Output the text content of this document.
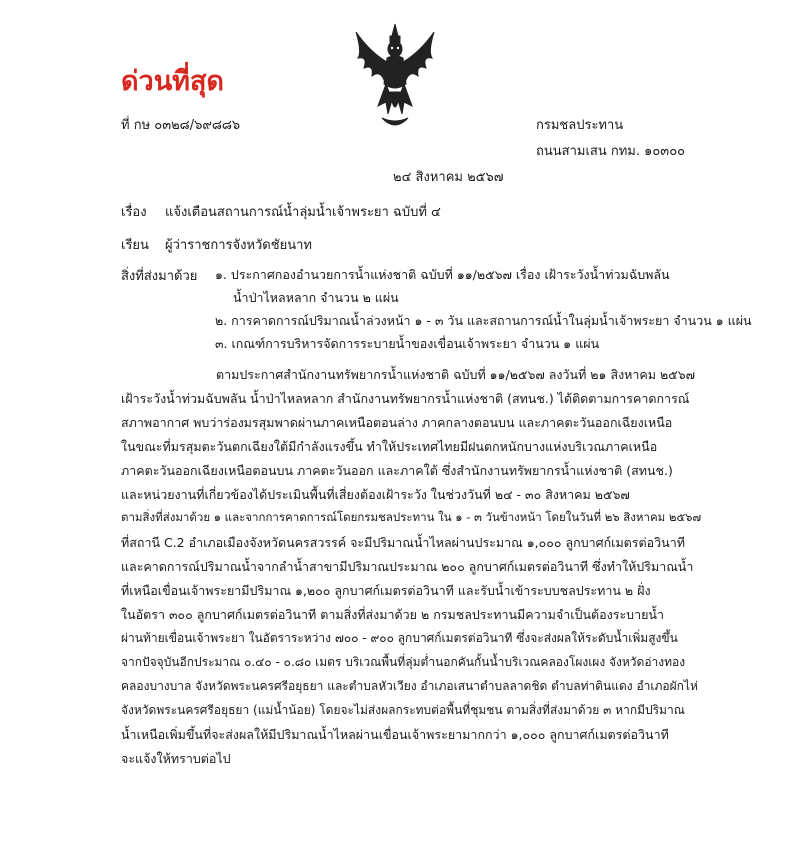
ด่วนที่สุด
ที่ กษ ๐๓๒๘/๖๙๘๘๖	กรมชลประทาน
ถนนสามเสน กทม. ๑๐๓๐๐
๒๔ สิงหาคม ๒๕๖๗
เรื่อง แจ้งเตือนสถานการณ์น้ำลุ่มน้ำเจ้าพระยา ฉบับที่ ๔
เรียน ผู้ว่าราชการจังหวัดชัยนาท
สิ่งที่ส่งมาด้วย ๑. ประกาศกองอำนวยการน้ำแห่งชาติ ฉบับที่ ๑๑/๒๕๖๗ เรื่อง เฝ้าระวังน้ำท่วมฉับพลัน
น้ำป่าไหลหลาก จำนวน ๒ แผ่น
๒. การคาดการณ์ปริมาณน้ำล่วงหน้า ๑ - ๓ วัน และสถานการณ์น้ำในลุ่มน้ำเจ้าพระยา จำนวน ๑ แผ่น
๓. เกณฑ์การบริหารจัดการระบายน้ำของเขื่อนเจ้าพระยา จำนวน ๑ แผ่น
ตามประกาศสำนักงานทรัพยากรน้ำแห่งชาติ ฉบับที่ ๑๑/๒๕๖๗ ลงวันที่ ๒๑ สิงหาคม ๒๕๖๗
เฝ้าระวังน้ำท่วมฉับพลัน น้ำป่าไหลหลาก สำนักงานทรัพยากรน้ำแห่งชาติ (สทนช.) ได้ติดตามการคาดการณ์
สภาพอากาศ พบว่าร่องมรสุมพาดผ่านภาคเหนือตอนล่าง ภาคกลางตอนบน และภาคตะวันออกเฉียงเหนือ
ในขณะที่มรสุมตะวันตกเฉียงใต้มีกำลังแรงขึ้น ทำให้ประเทศไทยมีฝนตกหนักบางแห่งบริเวณภาคเหนือ
ภาคตะวันออกเฉียงเหนือตอนบน ภาคตะวันออก และภาคใต้ ซึ่งสำนักงานทรัพยากรน้ำแห่งชาติ (สทนช.)
และหน่วยงานที่เกี่ยวข้องได้ประเมินพื้นที่เสี่ยงต้องเฝ้าระวัง ในช่วงวันที่ ๒๔ - ๓๐ สิงหาคม ๒๕๖๗
ตามสิ่งที่ส่งมาด้วย ๑ และจากการคาดการณ์โดยกรมชลประทาน ใน ๑ - ๓ วันข้างหน้า โดยในวันที่ ๒๖ สิงหาคม ๒๕๖๗
ที่สถานี C.2 อำเภอเมืองจังหวัดนครสวรรค์ จะมีปริมาณน้ำไหลผ่านประมาณ ๑,๐๐๐ ลูกบาศก์เมตรต่อวินาที
และคาดการณ์ปริมาณน้ำจากลำน้ำสาขามีปริมาณประมาณ ๒๐๐ ลูกบาศก์เมตรต่อวินาที ซึ่งทำให้ปริมาณน้ำ
ที่เหนือเขื่อนเจ้าพระยามีปริมาณ ๑,๒๐๐ ลูกบาศก์เมตรต่อวินาที และรับน้ำเข้าระบบชลประทาน ๒ ฝั่ง
ในอัตรา ๓๐๐ ลูกบาศก์เมตรต่อวินาที ตามสิ่งที่ส่งมาด้วย ๒ กรมชลประทานมีความจำเป็นต้องระบายน้ำ
ผ่านท้ายเขื่อนเจ้าพระยา ในอัตราระหว่าง ๗๐๐ - ๙๐๐ ลูกบาศก์เมตรต่อวินาที ซึ่งจะส่งผลให้ระดับน้ำเพิ่มสูงขึ้น
จากปัจจุบันอีกประมาณ ๐.๔๐ - ๐.๘๐ เมตร บริเวณพื้นที่ลุ่มต่ำนอกคันกั้นน้ำบริเวณคลองโผงเผง จังหวัดอ่างทอง
คลองบางบาล จังหวัดพระนครศรีอยุธยา และตำบลหัวเวียง อำเภอเสนาตำบลลาดชิด ตำบลท่าดินแดง อำเภอผักไห่
จังหวัดพระนครศรีอยุธยา (แม่น้ำน้อย) โดยจะไม่ส่งผลกระทบต่อพื้นที่ชุมชน ตามสิ่งที่ส่งมาด้วย ๓ หากมีปริมาณ
น้ำเหนือเพิ่มขึ้นที่จะส่งผลให้มีปริมาณน้ำไหลผ่านเขื่อนเจ้าพระยามากกว่า ๑,๐๐๐ ลูกบาศก์เมตรต่อวินาที
จะแจ้งให้ทราบต่อไป
